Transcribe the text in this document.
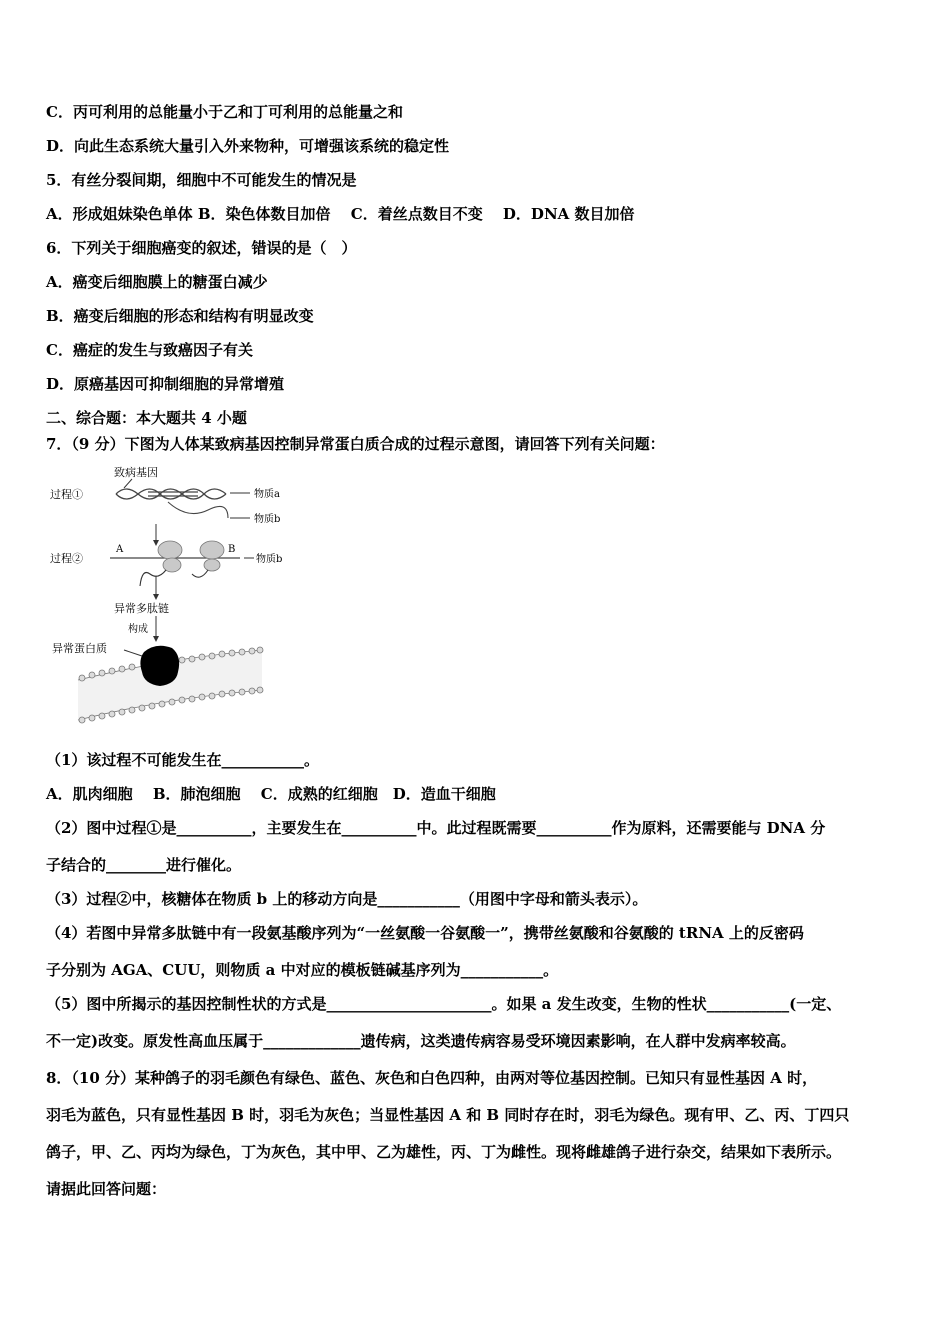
C．丙可利用的总能量小于乙和丁可利用的总能量之和
D．向此生态系统大量引入外来物种，可增强该系统的稳定性
5．有丝分裂间期，细胞中不可能发生的情况是
A．形成姐妹染色单体 B．染色体数目加倍　 C．着丝点数目不变　 D．DNA 数目加倍
6．下列关于细胞癌变的叙述，错误的是（　）
A．癌变后细胞膜上的糖蛋白减少
B．癌变后细胞的形态和结构有明显改变
C．癌症的发生与致癌因子有关
D．原癌基因可抑制细胞的异常增殖
二、综合题：本大题共 4 小题
7．（9 分）下图为人体某致病基因控制异常蛋白质合成的过程示意图，请回答下列有关问题：
致病基因
过程①	物质a
物质b
过程②
A	B
物质b
异常多肽链
构成
异常蛋白质
（1）该过程不可能发生在___________。
A．肌肉细胞　 B．肺泡细胞　 C．成熟的红细胞　D．造血干细胞
（2）图中过程①是__________，主要发生在__________中。此过程既需要__________作为原料，还需要能与 DNA 分
子结合的________进行催化。
（3）过程②中，核糖体在物质 b 上的移动方向是___________（用图中字母和箭头表示）。
（4）若图中异常多肽链中有一段氨基酸序列为“一丝氨酸一谷氨酸一”，携带丝氨酸和谷氨酸的 tRNA 上的反密码
子分别为 AGA、CUU，则物质 a 中对应的模板链碱基序列为___________。
（5）图中所揭示的基因控制性状的方式是______________________。如果 a 发生改变，生物的性状___________(一定、
不一定)改变。原发性高血压属于_____________遗传病，这类遗传病容易受环境因素影响，在人群中发病率较高。
8．（10 分）某种鸽子的羽毛颜色有绿色、蓝色、灰色和白色四种，由两对等位基因控制。已知只有显性基因 A 时，
羽毛为蓝色，只有显性基因 B 时，羽毛为灰色；当显性基因 A 和 B 同时存在时，羽毛为绿色。现有甲、乙、丙、丁四只
鸽子，甲、乙、丙均为绿色，丁为灰色，其中甲、乙为雄性，丙、丁为雌性。现将雌雄鸽子进行杂交，结果如下表所示。
请据此回答问题：
